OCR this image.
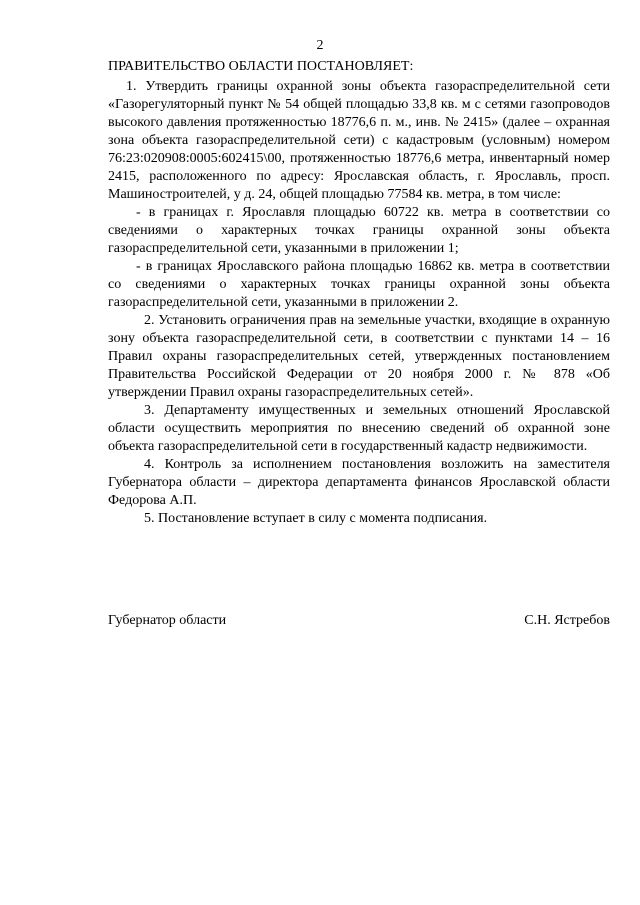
2
ПРАВИТЕЛЬСТВО ОБЛАСТИ ПОСТАНОВЛЯЕТ:

1. Утвердить границы охранной зоны объекта газораспределительной сети «Газорегуляторный пункт № 54 общей площадью 33,8 кв. м с сетями газопроводов высокого давления протяженностью 18776,6 п. м., инв. № 2415» (далее – охранная зона объекта газораспределительной сети) с кадастровым (условным) номером 76:23:020908:0005:602415\00, протяженностью 18776,6 метра, инвентарный номер 2415, расположенного по адресу: Ярославская область, г. Ярославль, просп. Машиностроителей, у д. 24, общей площадью 77584 кв. метра, в том числе:

- в границах г. Ярославля площадью 60722 кв. метра в соответствии со сведениями о характерных точках границы охранной зоны объекта газораспределительной сети, указанными в приложении 1;

- в границах Ярославского района площадью 16862 кв. метра в соответствии со сведениями о характерных точках границы охранной зоны объекта газораспределительной сети, указанными в приложении 2.

2. Установить ограничения прав на земельные участки, входящие в охранную зону объекта газораспределительной сети, в соответствии с пунктами 14 – 16 Правил охраны газораспределительных сетей, утвержденных постановлением Правительства Российской Федерации от 20 ноября 2000 г. № 878 «Об утверждении Правил охраны газораспределительных сетей».

3. Департаменту имущественных и земельных отношений Ярославской области осуществить мероприятия по внесению сведений об охранной зоне объекта газораспределительной сети в государственный кадастр недвижимости.

4. Контроль за исполнением постановления возложить на заместителя Губернатора области – директора департамента финансов Ярославской области Федорова А.П.

5. Постановление вступает в силу с момента подписания.

Губернатор области	С.Н. Ястребов
